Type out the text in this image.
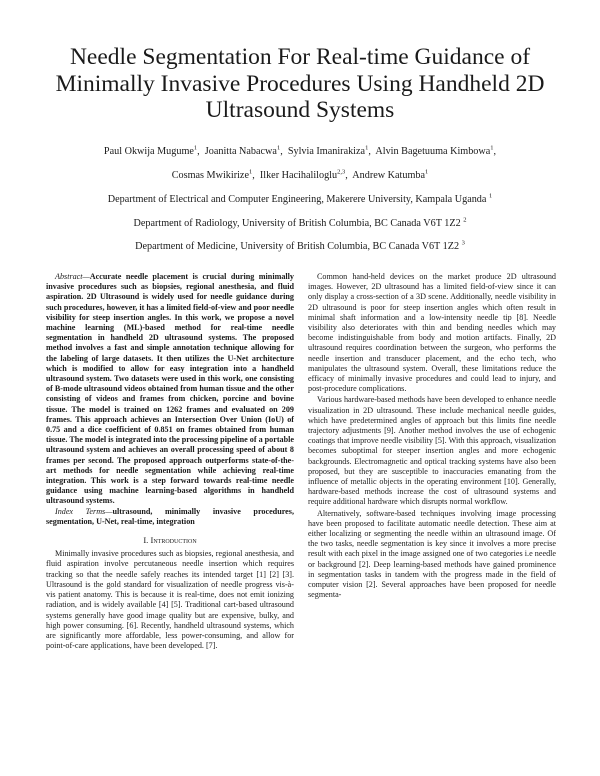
Needle Segmentation For Real-time Guidance of Minimally Invasive Procedures Using Handheld 2D Ultrasound Systems
Paul Okwija Mugume$^1$,  Joanitta Nabacwa$^1$,  Sylvia Imanirakiza$^1$,  Alvin Bagetuuma Kimbowa$^1$,
Cosmas Mwikirize$^1$,  Ilker Hacihaliloglu$^{2,3}$,  Andrew Katumba$^1$
Department of Electrical and Computer Engineering, Makerere University, Kampala Uganda $^1$
Department of Radiology, University of British Columbia, BC Canada V6T 1Z2 $^2$
Department of Medicine, University of British Columbia, BC Canada V6T 1Z2 $^3$

Abstract—Accurate needle placement is crucial during minimally invasive procedures such as biopsies, regional anesthesia, and fluid aspiration. 2D Ultrasound is widely used for needle guidance during such procedures, however, it has a limited field-of-view and poor needle visibility for steep insertion angles. In this work, we propose a novel machine learning (ML)-based method for real-time needle segmentation in handheld 2D ultrasound systems. The proposed method involves a fast and simple annotation technique allowing for the labeling of large datasets. It then utilizes the U-Net architecture which is modified to allow for easy integration into a handheld ultrasound system. Two datasets were used in this work, one consisting of B-mode ultrasound videos obtained from human tissue and the other consisting of videos and frames from chicken, porcine and bovine tissue. The model is trained on 1262 frames and evaluated on 209 frames. This approach achieves an Intersection Over Union (IoU) of 0.75 and a dice coefficient of 0.851 on frames obtained from human tissue. The model is integrated into the processing pipeline of a portable ultrasound system and achieves an overall processing speed of about 8 frames per second. The proposed approach outperforms state-of-the-art methods for needle segmentation while achieving real-time integration. This work is a step forward towards real-time needle guidance using machine learning-based algorithms in handheld ultrasound systems.

Index Terms—ultrasound, minimally invasive procedures, segmentation, U-Net, real-time, integration

I. Introduction

Minimally invasive procedures such as biopsies, regional anesthesia, and fluid aspiration involve percutaneous needle insertion which requires tracking so that the needle safely reaches its intended target [1] [2] [3]. Ultrasound is the gold standard for visualization of needle progress vis-à-vis patient anatomy. This is because it is real-time, does not emit ionizing radiation, and is widely available [4] [5]. Traditional cart-based ultrasound systems generally have good image quality but are expensive, bulky, and high power consuming. [6]. Recently, handheld ultrasound systems, which are significantly more affordable, less power-consuming, and allow for point-of-care applications, have been developed. [7].

Common hand-held devices on the market produce 2D ultrasound images. However, 2D ultrasound has a limited field-of-view since it can only display a cross-section of a 3D scene. Additionally, needle visibility in 2D ultrasound is poor for steep insertion angles which often result in minimal shaft information and a low-intensity needle tip [8]. Needle visibility also deteriorates with thin and bending needles which may become indistinguishable from body and motion artifacts. Finally, 2D ultrasound requires coordination between the surgeon, who performs the needle insertion and transducer placement, and the echo tech, who manipulates the ultrasound system. Overall, these limitations reduce the efficacy of minimally invasive procedures and could lead to injury, and post-procedure complications.

Various hardware-based methods have been developed to enhance needle visualization in 2D ultrasound. These include mechanical needle guides, which have predetermined angles of approach but this limits fine needle trajectory adjustments [9]. Another method involves the use of echogenic coatings that improve needle visibility [5]. With this approach, visualization becomes suboptimal for steeper insertion angles and more echogenic backgrounds. Electromagnetic and optical tracking systems have also been proposed, but they are susceptible to inaccuracies emanating from the influence of metallic objects in the operating environment [10]. Generally, hardware-based methods increase the cost of ultrasound systems and require additional hardware which disrupts normal workflow.

Alternatively, software-based techniques involving image processing have been proposed to facilitate automatic needle detection. These aim at either localizing or segmenting the needle within an ultrasound image. Of the two tasks, needle segmentation is key since it involves a more precise result with each pixel in the image assigned one of two categories i.e needle or background [2]. Deep learning-based methods have gained prominence in segmentation tasks in tandem with the progress made in the field of computer vision [2]. Several approaches have been proposed for needle segmenta-
